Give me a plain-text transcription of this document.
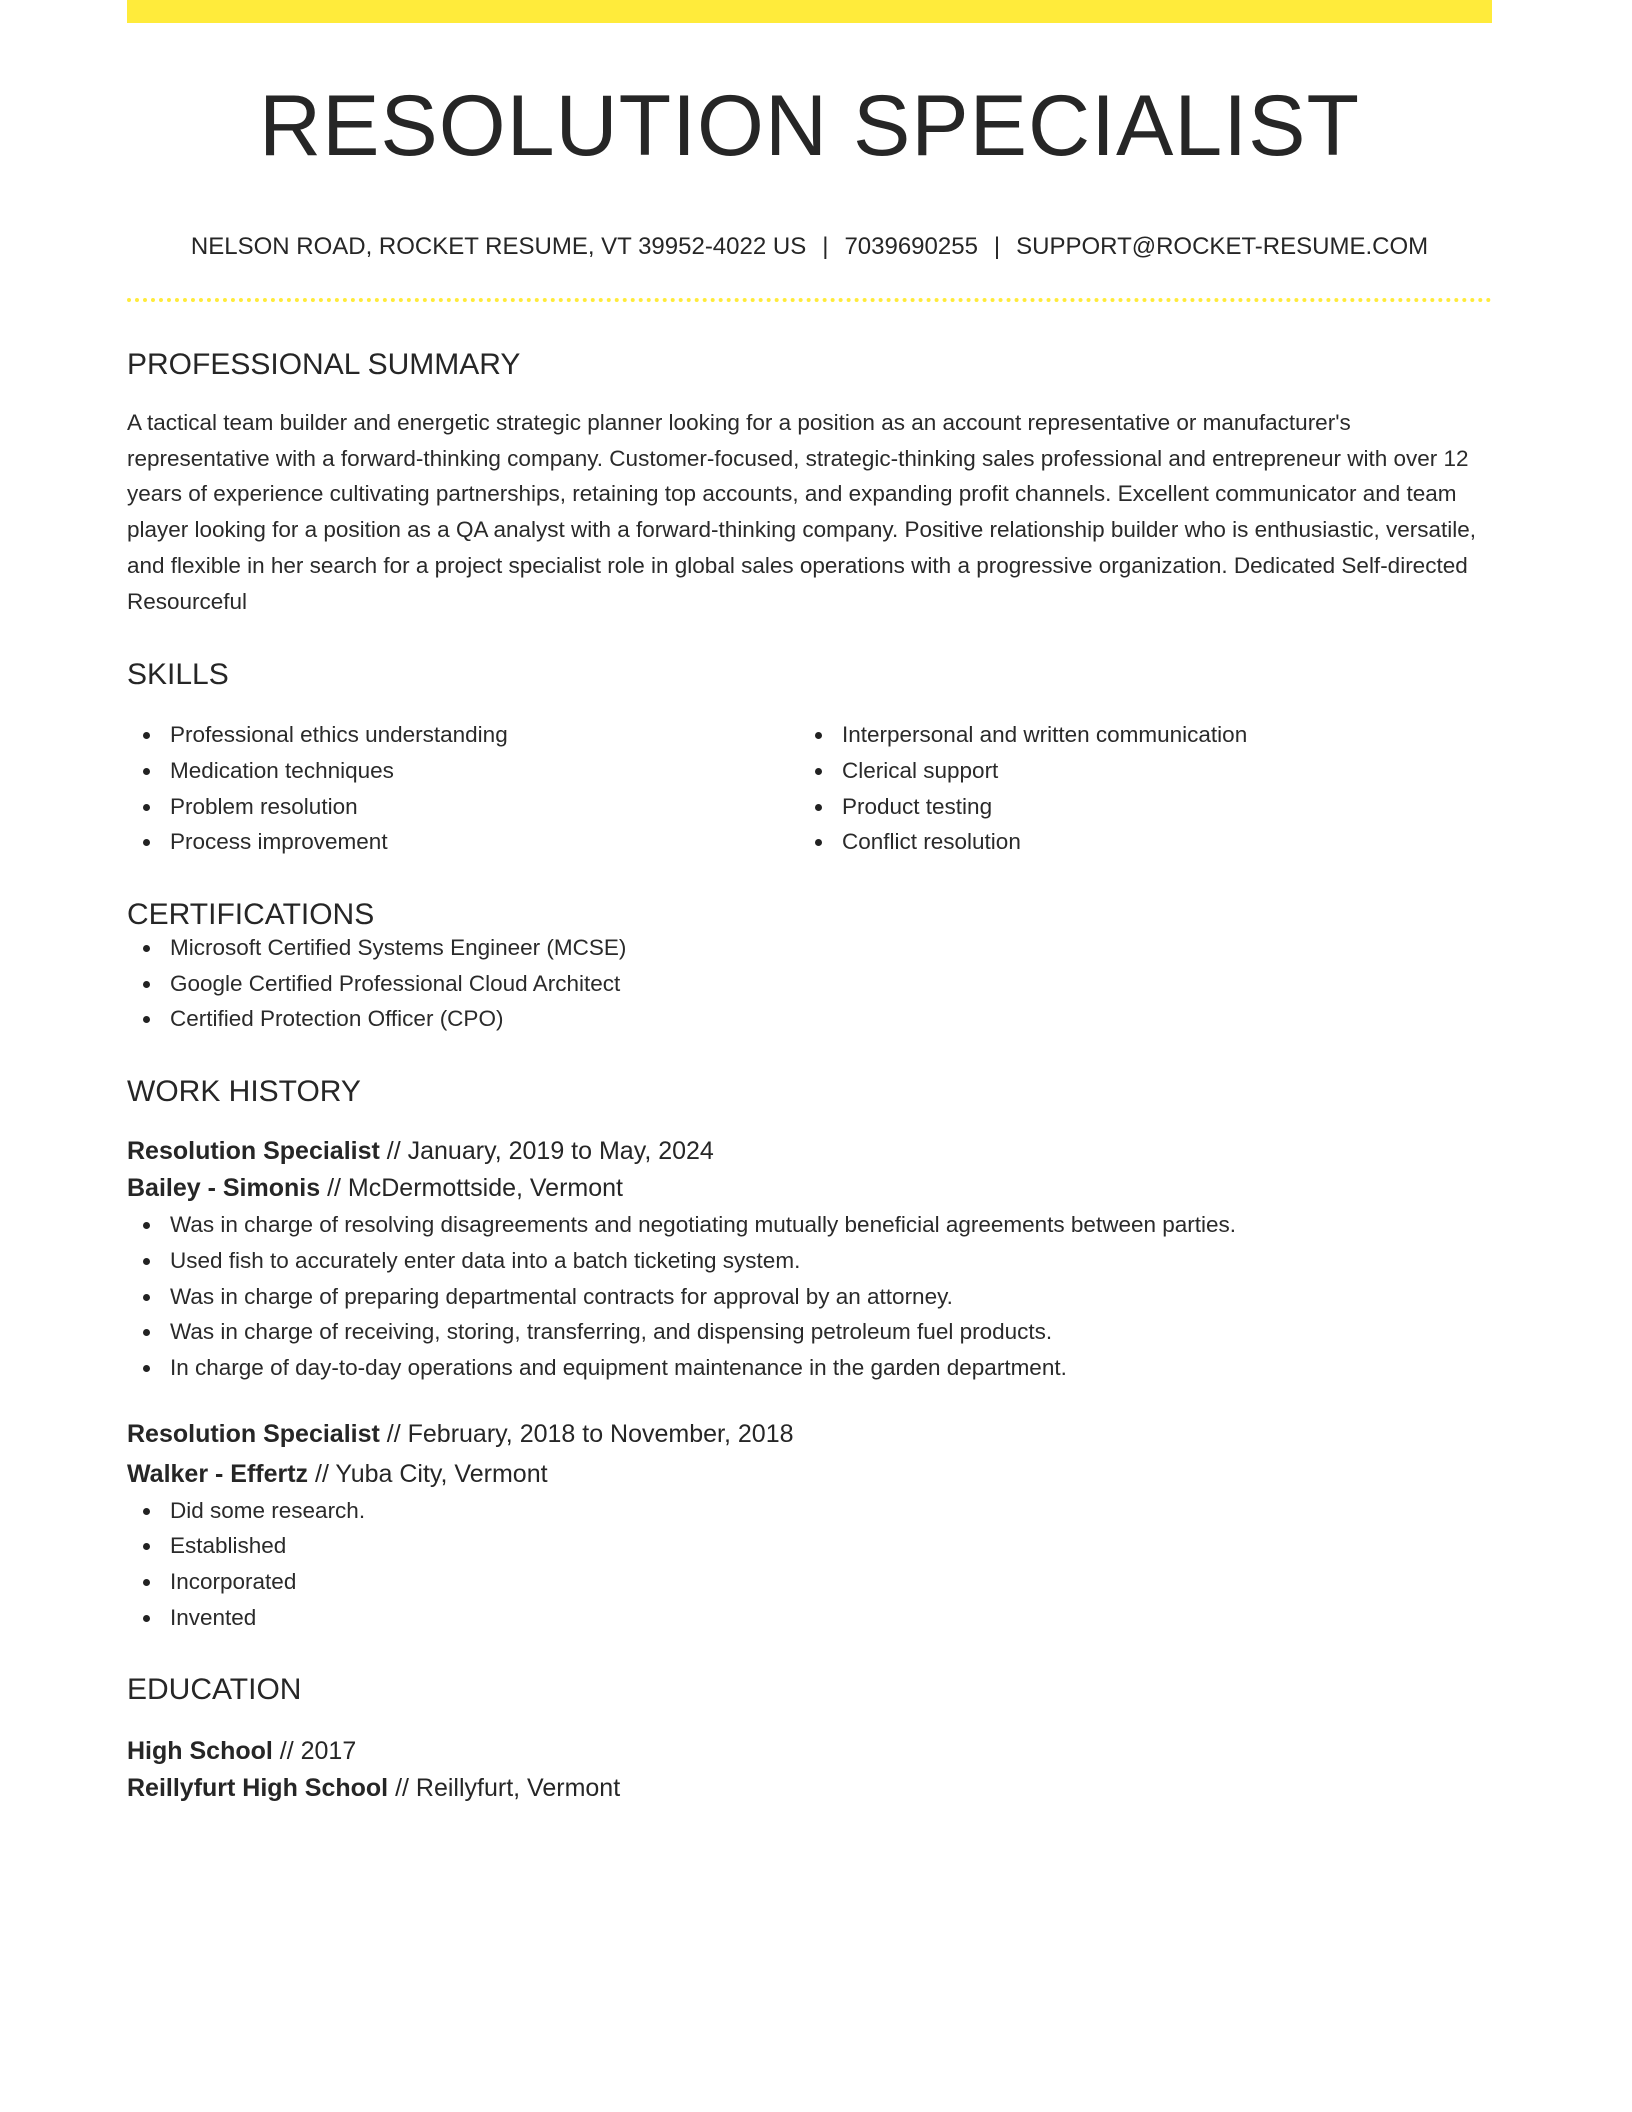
RESOLUTION SPECIALIST
NELSON ROAD, ROCKET RESUME, VT 39952-4022 US | 7039690255 | SUPPORT@ROCKET-RESUME.COM
PROFESSIONAL SUMMARY

A tactical team builder and energetic strategic planner looking for a position as an account representative or manufacturer's representative with a forward-thinking company. Customer-focused, strategic-thinking sales professional and entrepreneur with over 12 years of experience cultivating partnerships, retaining top accounts, and expanding profit channels. Excellent communicator and team player looking for a position as a QA analyst with a forward-thinking company. Positive relationship builder who is enthusiastic, versatile, and flexible in her search for a project specialist role in global sales operations with a progressive organization. Dedicated Self-directed Resourceful

SKILLS
Professional ethics understanding
Medication techniques
Problem resolution
Process improvement
Interpersonal and written communication
Clerical support
Product testing
Conflict resolution
CERTIFICATIONS
Microsoft Certified Systems Engineer (MCSE)
Google Certified Professional Cloud Architect
Certified Protection Officer (CPO)
WORK HISTORY
Resolution Specialist // January, 2019 to May, 2024
Bailey - Simonis // McDermottside, Vermont
Was in charge of resolving disagreements and negotiating mutually beneficial agreements between parties.
Used fish to accurately enter data into a batch ticketing system.
Was in charge of preparing departmental contracts for approval by an attorney.
Was in charge of receiving, storing, transferring, and dispensing petroleum fuel products.
In charge of day-to-day operations and equipment maintenance in the garden department.
Resolution Specialist // February, 2018 to November, 2018
Walker - Effertz // Yuba City, Vermont
Did some research.
Established
Incorporated
Invented
EDUCATION
High School // 2017
Reillyfurt High School // Reillyfurt, Vermont
